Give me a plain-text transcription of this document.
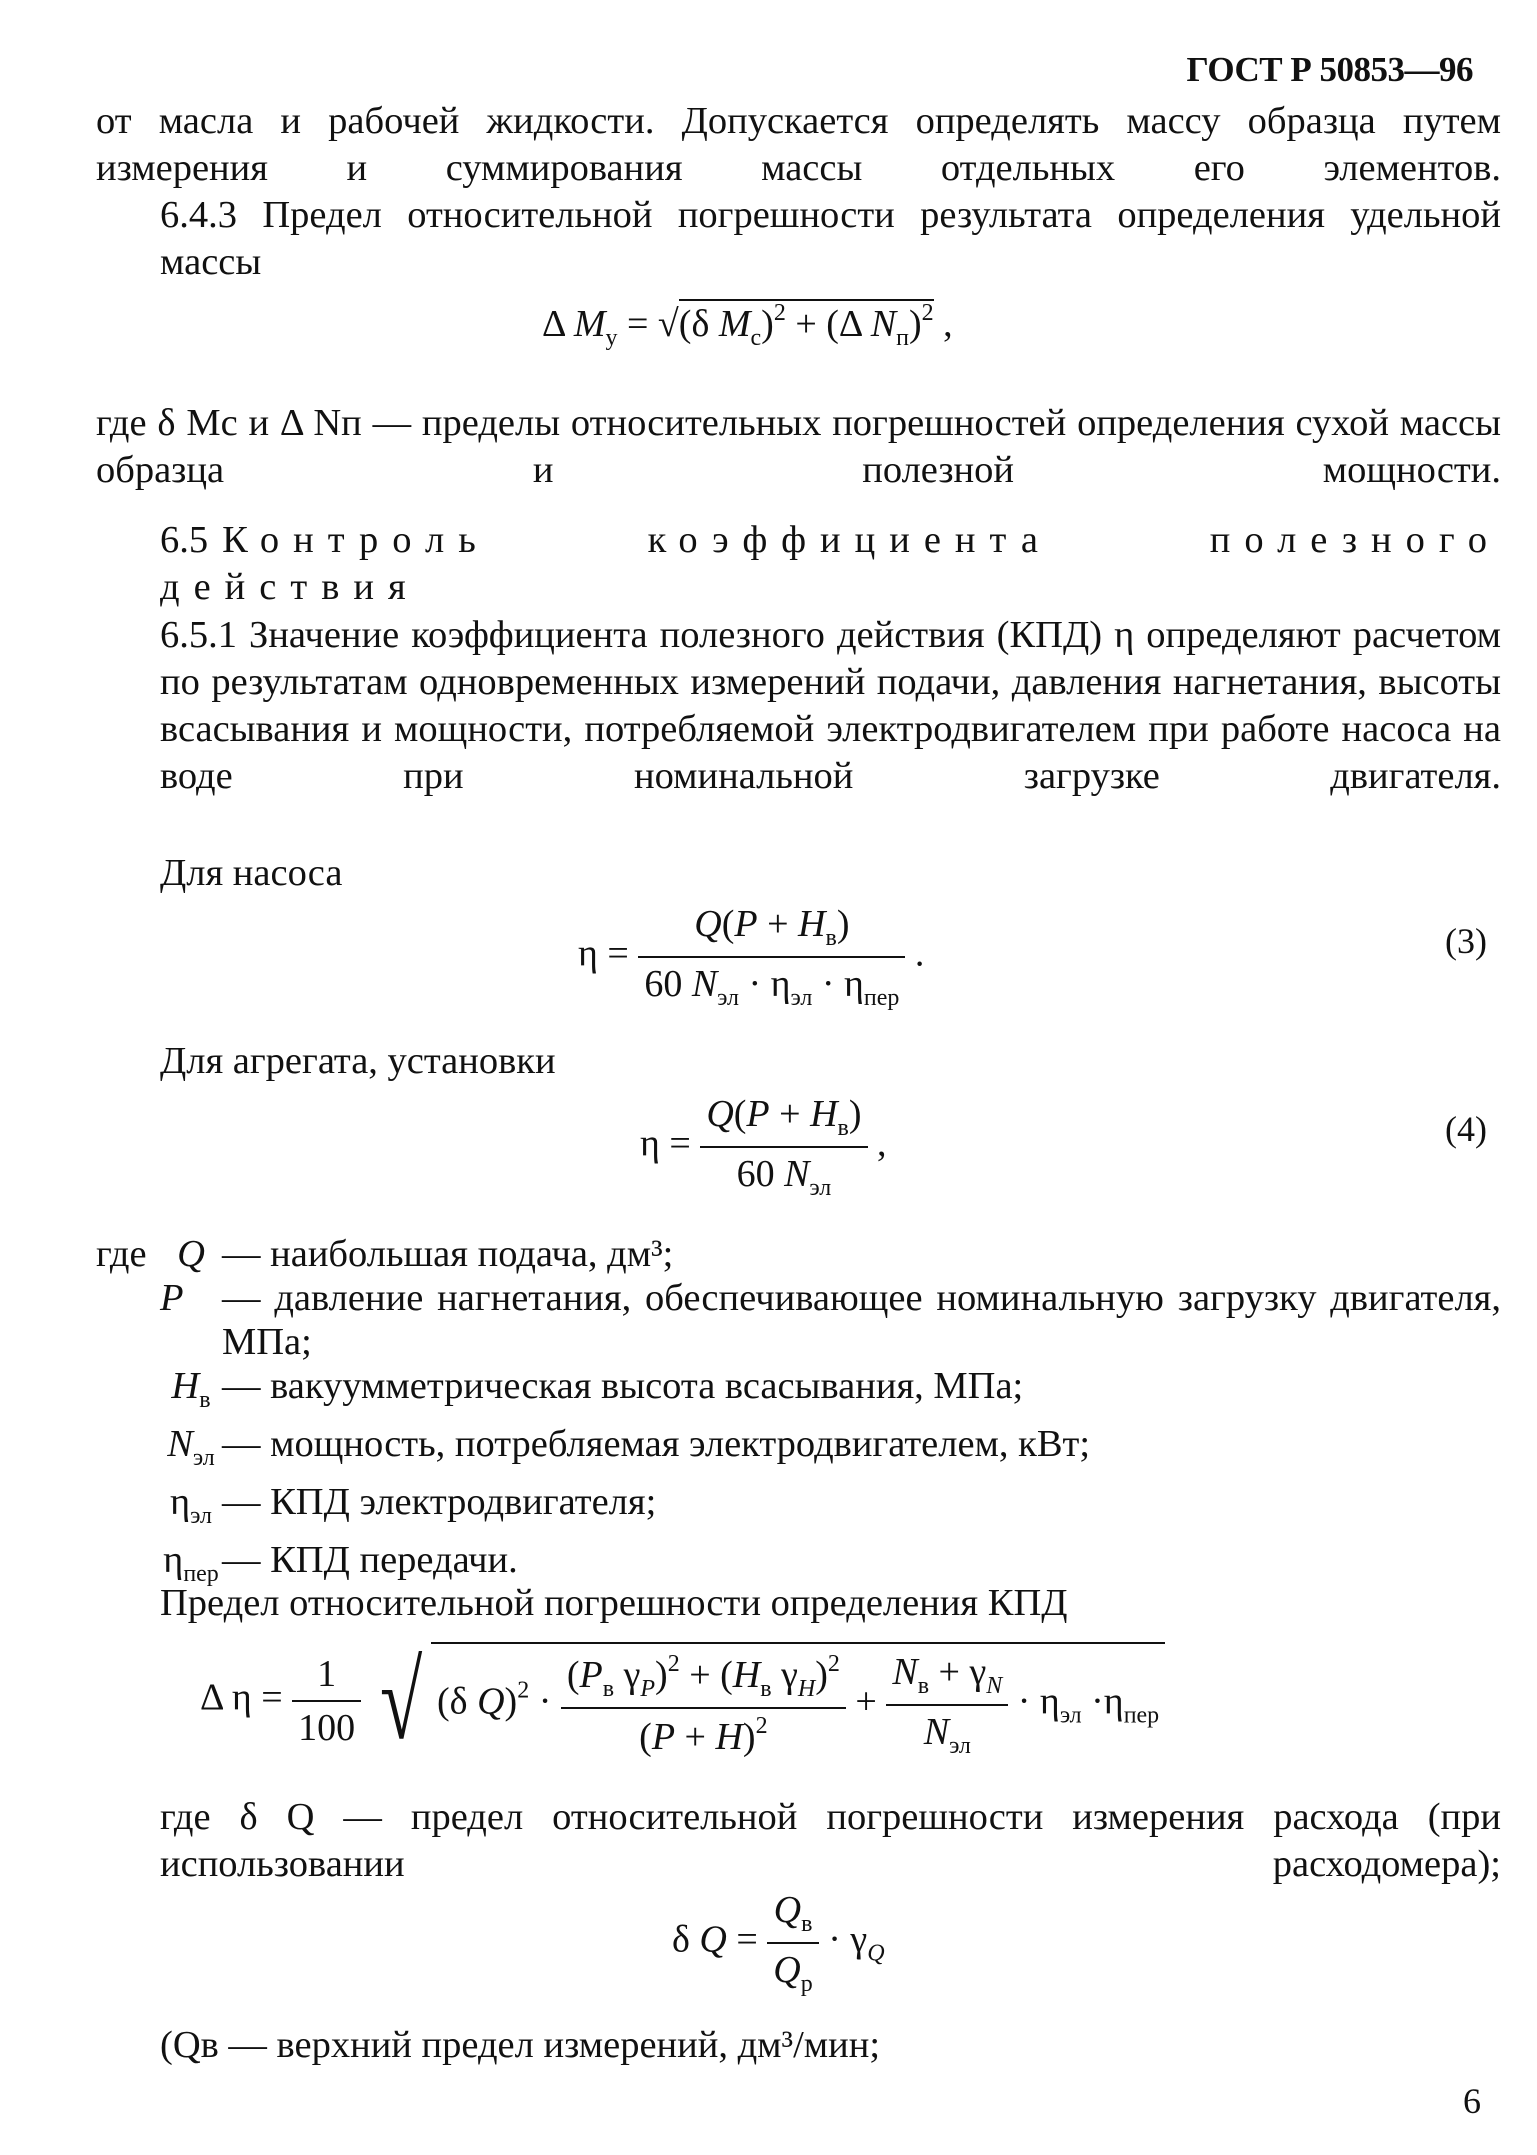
ГОСТ Р 50853—96
от масла и рабочей жидкости. Допускается определять массу образца путем измерения и суммирования массы отдельных его элементов.
6.4.3 Предел относительной погрешности результата определения удельной массы
Δ $M_у = √(\delta$ $M_с)^2 + (\Delta$ $N_п)^2$ ,
где δ Mc и Δ Nп — пределы относительных погрешностей определения сухой массы образца и полезной мощности.
6.5 Контроль коэффициента полезного действия
6.5.1 Значение коэффициента полезного действия (КПД) η определяют расчетом по результатам одновременных измерений подачи, давления нагнетания, высоты всасывания и мощности, потребляемой электродвигателем при работе насоса на воде при номинальной загрузке двигателя.
Для насоса
$\eta = \frac{Q(P + H_в)}{60 N_{эл} \cdot \eta_{эл} \cdot \eta_{пер}}$ .	(3)
Для агрегата, установки
$\eta = \frac{Q(P + H_в)}{60 N_{эл}}$ ,	(4)
где Q — наибольшая подача, дм³;
P — давление нагнетания, обеспечивающее номинальную загрузку двигателя, МПа;
$H_в$ — вакуумметрическая высота всасывания, МПа;
$N_{эл}$ — мощность, потребляемая электродвигателем, кВт;
$\eta_{эл}$ — КПД электродвигателя;
$\eta_{пер}$ — КПД передачи.
Предел относительной погрешности определения КПД
Δ $\eta = \frac{1}{100}$ √ (δ $Q)^2 \cdot \frac{(P_в \gamma_P)^2 + (H_в \gamma_H)^2}{(P + H)^2} + \frac{N_в + \gamma_N}{N_{эл}} \cdot \eta_{эл} \cdot\eta_{пер}$
где δ Q — предел относительной погрешности измерения расхода (при использовании расходомера);
δ $Q = \frac{Q_в}{Q_р} \cdot \gamma_Q$
(Qв — верхний предел измерений, дм³/мин;
6
